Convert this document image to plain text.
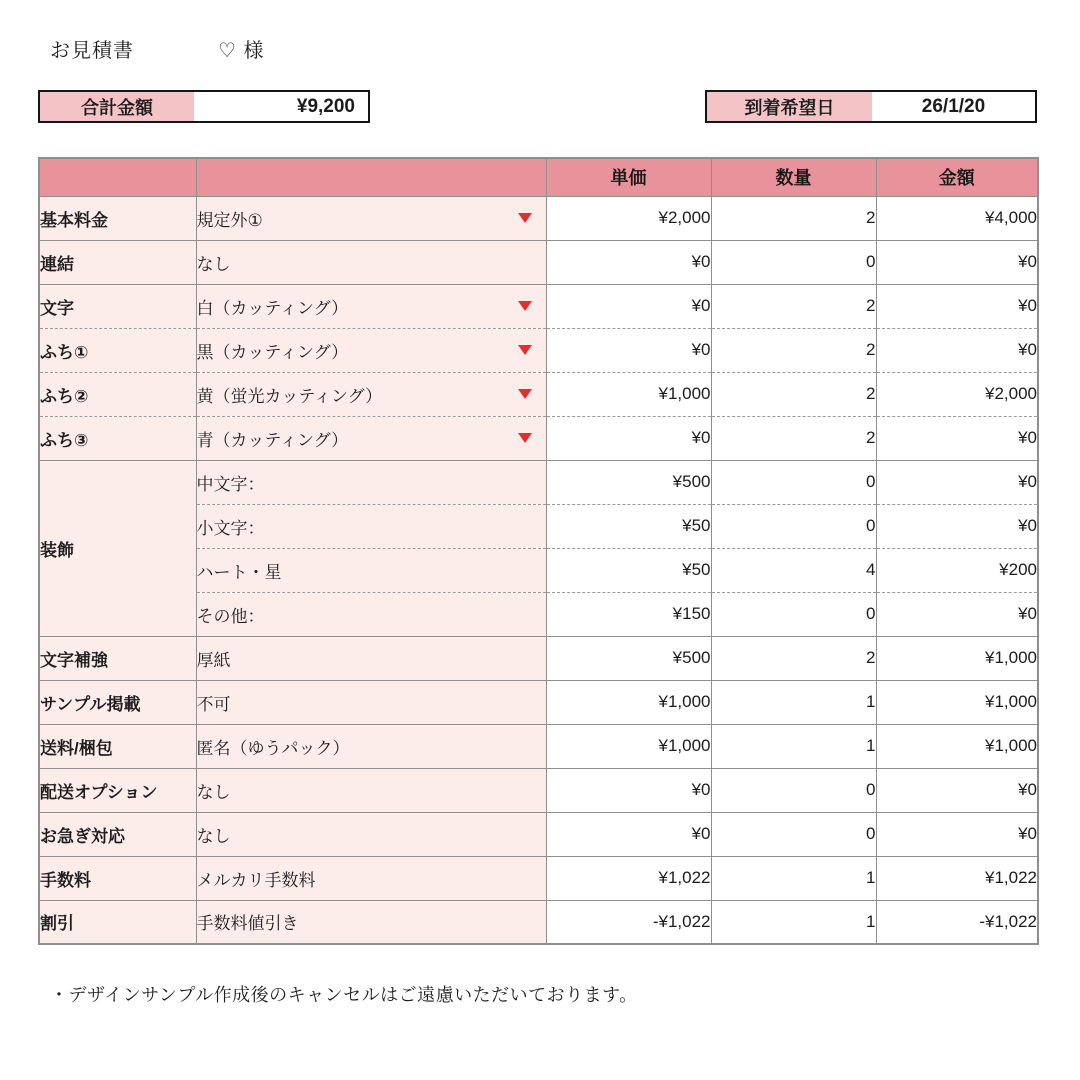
お見積書	♡ 様
合計金額	¥9,200	到着希望日	26/1/20
		単価	数量	金額
基本料金	規定外①	¥2,000	2	¥4,000
連結	なし	¥0	0	¥0
文字	白（カッティング）	¥0	2	¥0
ふち①	黒（カッティング）	¥0	2	¥0
ふち②	黄（蛍光カッティング）	¥1,000	2	¥2,000
ふち③	青（カッティング）	¥0	2	¥0
装飾	中文字：	¥500	0	¥0
	小文字：	¥50	0	¥0
	ハート・星	¥50	4	¥200
	その他：	¥150	0	¥0
文字補強	厚紙	¥500	2	¥1,000
サンプル掲載	不可	¥1,000	1	¥1,000
送料/梱包	匿名（ゆうパック）	¥1,000	1	¥1,000
配送オプション	なし	¥0	0	¥0
お急ぎ対応	なし	¥0	0	¥0
手数料	メルカリ手数料	¥1,022	1	¥1,022
割引	手数料値引き	-¥1,022	1	-¥1,022
・デザインサンプル作成後のキャンセルはご遠慮いただいております。
